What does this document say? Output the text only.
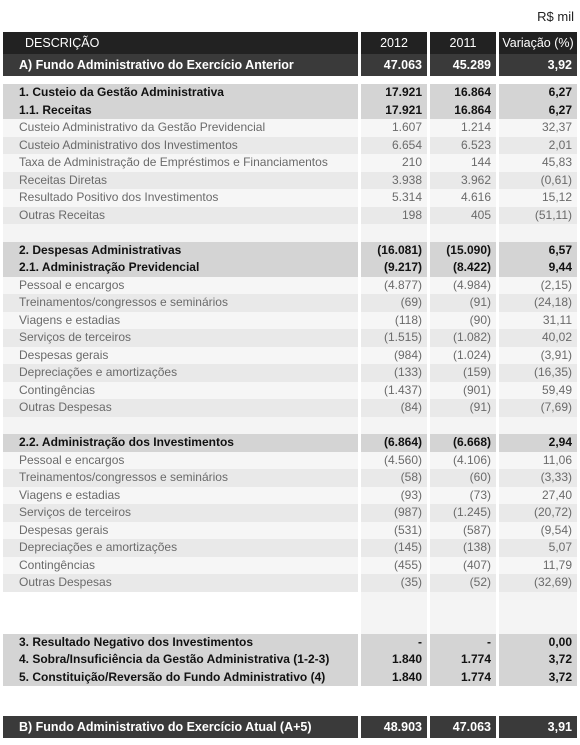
R$ mil
DESCRIÇÃO	2012	2011	Variação (%)
A) Fundo Administrativo do Exercício Anterior	47.063	45.289	3,92
1. Custeio da Gestão Administrativa	17.921	16.864	6,27
1.1. Receitas	17.921	16.864	6,27
Custeio Administrativo da Gestão Previdencial	1.607	1.214	32,37
Custeio Administrativo dos Investimentos	6.654	6.523	2,01
Taxa de Administração de Empréstimos e Financiamentos	210	144	45,83
Receitas Diretas	3.938	3.962	(0,61)
Resultado Positivo dos Investimentos	5.314	4.616	15,12
Outras Receitas	198	405	(51,11)
2. Despesas Administrativas	(16.081)	(15.090)	6,57
2.1. Administração Previdencial	(9.217)	(8.422)	9,44
Pessoal e encargos	(4.877)	(4.984)	(2,15)
Treinamentos/congressos e seminários	(69)	(91)	(24,18)
Viagens e estadias	(118)	(90)	31,11
Serviços de terceiros	(1.515)	(1.082)	40,02
Despesas gerais	(984)	(1.024)	(3,91)
Depreciações e amortizações	(133)	(159)	(16,35)
Contingências	(1.437)	(901)	59,49
Outras Despesas	(84)	(91)	(7,69)
2.2. Administração dos Investimentos	(6.864)	(6.668)	2,94
Pessoal e encargos	(4.560)	(4.106)	11,06
Treinamentos/congressos e seminários	(58)	(60)	(3,33)
Viagens e estadias	(93)	(73)	27,40
Serviços de terceiros	(987)	(1.245)	(20,72)
Despesas gerais	(531)	(587)	(9,54)
Depreciações e amortizações	(145)	(138)	5,07
Contingências	(455)	(407)	11,79
Outras Despesas	(35)	(52)	(32,69)
3. Resultado Negativo dos Investimentos	-	-	0,00
4. Sobra/Insuficiência da Gestão Administrativa (1-2-3)	1.840	1.774	3,72
5. Constituição/Reversão do Fundo Administrativo (4)	1.840	1.774	3,72
B) Fundo Administrativo do Exercício Atual (A+5)	48.903	47.063	3,91
